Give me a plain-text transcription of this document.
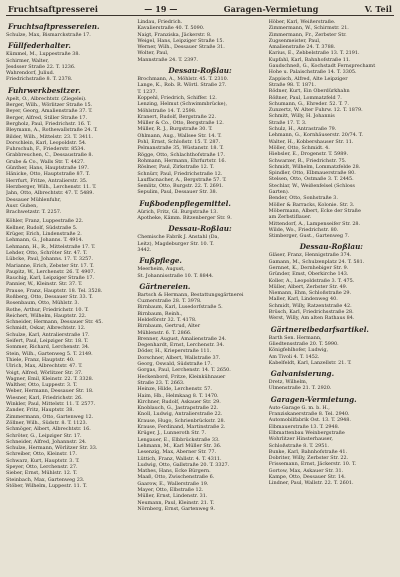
Fruchtsaftpresserei	— 19 —	Garagen-Vermietung	V. Teil
Fruchtsaftpressereien.
Schulze, Max, Bismarckstraße 17.
Füllfederhalter.
Kümmel, M., Luppestraße 38.
Schirmer, Walter,
Jesdsser Straße 22. T. 1236.
Wahrendorf, Juliud.
Friedrichstraße 8. T. 2378.
Fuhrwerkbesitzer.
Apelt, O., Albrechtstr. (Ziegelei).
Berger, Wilh., Wörlitzer Straße 15.
Beyer, Georg, Amalienstraße 37. T.
Berger, Alfred, Stiller Straße 17.
Bergholz, Paul, Friedrichstr. 16. T.
Bleymann, A., Rothewallstraße 24. T.
Bilder, Wilh., Mittelstr. 23. T. 3411.
Dorschlein, Karl, Leopoldstr. 54.
Fuhrschuh, F., Friederstr. 8534.
Grabbreuchen, C., Dessaustraße 8.
Grube & Co., Walls Str. T. 4427.
Günther, Hans, Hauptstraße 197.
Hänicke, Otto, Hauptstraße 87. T.
Herrfurt, Fritze, Antralierstr. 35.
Herzberger, Wilh., Lerchenstr. 11. T.
Jahn, Otto, Albrechtstr. 47. T. 5489.
Dessauer Mühlenfuhr,
Ausr. Guben,
Brachwetzstr. T. 2257.
Köhler, Franz, Luppestraße 22.
Kellner, Rudolf, Südstraße 5.
Krüger, Erich, Lindenstraße 2.
Lehmann, G., Johanns. T. 4914.
Lehmann, H., R., Mittelstraße 17. T.
Lehder, Otto, Schröter Str. 47. T.
Lübcke, Paul, Johanns. 17. T. 3257.
Marianne, Erich, Zebster Str. 17. T.
Paupitz, W., Lerchenstr. 26. T. 4907.
Rauchig, Karl, Leipziger Straße 17.
Pannier, W., Kleinstr. Str. 37. T.
Prause, Franz, Hauptstr. 18. Tel. 3528.
Roßberg, Otto, Dessauer Str. 33. T.
Rosenbaum, Otto, Mühlstr. 3.
Rothe, Arthur, Friedrichstr. 10. T.
Reichert, Wilhelm, Hauptstr. 22.
Schneider, Hermann, Dessauer Str. 45.
Schmidt, Oskar, Albrechtstr. 12.
Schulze, Karl, Antralierstraße 17.
Seifert, Paul, Leipziger Str. 18. T.
Sommer, Richard, Lerchenstr. 34.
Stein, Wilh., Gartenweg 5. T. 2149.
Thiele, Franz, Hauptstr. 40.
Ulrich, Max, Albrechtstr. 47. T.
Voigt, Alfred, Wörlitzer Str. 37.
Wagner, Emil, Kleinstr. 22. T. 3328.
Walther, Otto, Luppestr. 3. T.
Weber, Hermann, Dessauer Str. 18.
Wiesner, Karl, Friedrichstr. 26.
Winkler, Paul, Mittelstr. 11. T. 2577.
Zander, Fritz, Hauptstr. 38.
Zimmermann, Otto, Gartenweg 12.
Zöllner, Wilh., Südstr. 8. T. 1123.
Schmöger, Albert, Albrechtstr. 16.
Schröter, G., Leipziger Str. 17.
Schneider, Alfred, Johannstr. 24.
Schulze, Hermann, Wörlitzer Str. 33.
Schreiber, Otto, Kleinstr. 17.
Schwarz, Kurt, Hauptstr. 3. T.
Speyer, Otto, Lerchenstr. 27.
Sieber, Ernst, Mühlstr. 12. T.
Steinbach, Max, Gartenweg 23.
Stöber, Wilhelm, Luppestr. 11. T.
Lindau, Friedrich.
Kavalierstraße 40. T. 5090.
Naigt, Franziska, Jäckerstr. 8.
Weigel, Hans, Leipziger Straße 15.
Werner, Wilh., Dessauer Straße 31.
Wolter, Paul,
Mannstraße 24. T. 2397.
Dessau-Roßlau:
Brochmann, A., Möhlstr. 45. T. 2310.
Lange, K., Rob. R. Wörtl. Straße 27.
T. 1237.
Koppehl, Friedrich, Schiffer. 12.
Lenzing, Helmut (Schwimmbrücke),
Möhlstraße 14. T. 2598.
Kranert, Rudolf, Bergstraße 22.
Müller & Co., Otto, Bergstraße 12.
Müller, R. J., Burgstraße 30. T.
Öhlmann, Aug., Wallsee Str. 14. T.
Pohl, Ernst, Schloßstr. 15. T. 287.
Pelmanstraße 35, Wüstanstr. 18. T.
Rögge, Otto, Schlachthofstraße 17.
Rohmann, Hermann, Ehrfurtstr. 16.
Röslner, Paul, Zirkstraße 12. T.
Schnürr, Paul, Friedrichstraße 12.
Lauffacnacher, A., Bergstraße 57. T.
Semlitz, Otto, Burgstr. 22. T. 2691.
Sepulim, Paul, Dessauer Str. 38.
Fußbodenpflegemittel.
Aürich, Fritz, Gl. Burgstraße 13.
Apotheke, Kämm. Bitzenberger Str. 9.
Dessau-Roßlau:
Chemische Fabrik J. Anstahl (Da,
Leitz), Magdeburger Str. 10. T.
3442.
Fußpflege.
Meerheim, August,
St. Johannisstraße 10. T. 8844.
Gärtnereien.
Bartsch & Hermann, Bestattungsgärtnerei
Cuznerstraße 28. T. 3978.
Birnbaum, Karl, Lusedorfstraße 5.
Birnbaum, Reinh.,
Heldeförstr 32. T. 4178.
Birnbaum, Gertrud, Alter
Mühlenstr. 6. T. 2866.
Brenner, August, Amalienstraße 24.
Degenhardt, Ernst, Lerchenstr. 34.
Döder, H., Krieperstraße 111.
Dorschner, Albert, Wallstraße 37.
Georg, Oswald, Südstraße 17.
Gorgas, Paul, Lerchenstr. 14. T. 2650.
Heckenbord, Fritze, Kleinkühnauer
Straße 23. T. 2663.
Heinze, Hilde, Lerchenstr. 57.
Haim, Hb., Helmkaag 8. T. 1470.
Kirchner, Rudolf, Askauer Str. 29.
Knoblauch, G., Jastrapstraße 22.
Knoll, Ludwig, Antralierstraße 22.
Krause, Hugo, Schrienbrückstr. 28.
Krause, Ferdinand, Martinstraße 2.
Krüger, J., Lunneroth Str. 7.
Lengauer, E., Elbbrückstraße 33.
Lehmann, M., Karl Müller Str. 36.
Lesenzig, Max, Aberner Str. 77.
Lüttich, Franz, Wallstr. 4. T. 4311.
Ludwig, Otto, Gallstraße 20. T. 3327.
Mathes, Hans, Ecke Bürgern.
Maaß, Otto, Zwischenstraße 6.
Gaarow, E., Wallerstraße 19.
Mayer, Otto, Elbstraße 12.
Müller, Ernst, Lindenstr. 31.
Neumann, Paul, Kleinstr. 21. T.
Nörnberg, Ernst, Gartenweg 9.
Höber, Karl, Weißerstraße.
Zimmermann, W., Schirmstr. 21.
Zimmermann, Fr., Zerbster Str.
Zugsenmeister, Paul,
Amalienstraße 24. T. 3788.
Karius, E., Zebbelstraße 13. T. 2191.
Kupfahl, Karl, Bahnhofstraße 11.
Gaudschneß, G., Kochstadt Fernsprechamt
Hohe u. Palaischstraße 14. T. 3305.
Zappisch, Alfred, Alte Leipziger
Straße 98. T. 1871.
Rödner, Kurt, Ein Oberdürkhahn
Rößner, Paul, Lommatzfeld 7.
Schumann, G., Ehreder. 52. T. 7.
Zunzertz, W. Alter Fuhrw. 12. T. 1879.
Schmitt, Willy, H. Johannis
Straße 17. T. 3.
Schulz, H., Antrastraße 79.
Lehmann, G., Kornhäuserstr. 20/74. T.
Walter, H., Kobbershauser Str. 11.
Möller, Otto, Schmidt. 4.
Hiebsler, E., Drogenstr. T. 5989.
Schwarzer, R., Friedrichstr. 75.
Schmidt, Wilhelm, Lommatzfelde 28.
Spindler, Otto, Elbmauerstraße 80.
Stelsen, Otto, Ostmaße 3. T. 2445.
Stechlar, W., Weißenfelsel (Schloss
Garten).
Bender, Otto, Sonhstraße 3.
Möller & Barracks, Kolonie. Str. 3.
Möbermann, Albert, Ecke der Straße
am Zerbstiflauer.
Mittendorf, A., Lampenseifer Str. 28.
Wilde, Wo., Friedrichstr. 80.
Stimberger, Gust., Gartenweg 7.
Dessau-Roßlau:
Gläser, Franz, Hennigstraße 374.
Gamann, M., Schulzenplatz 24. T. 581.
Gernnet, K., Dernhebiger Str. 9.
Gründer, Emst, Oberkirche 143.
Koller, A., Leopoldstraße 3. T. 475.
Müller, Albert, Zerbster Str. 49.
Niemann, Ehm, Schloßstraße 29.
Maller, Karl, Lindenweg 40.
Schmidt, Willy, Ratzentstraße 42.
Brüsch, Karl, Friedrichsstraße 28.
Werst, Willy, Am alten Rathaus 84.
Gärtnereibedarfsartikel.
Barth Sen. Hermann,
Gliedtensstraße 20. T. 5990.
Königfehlhofer, Ludwig,
Am Tivoli 4. T. 1452.
Kabelfeldt, Karl, Lanzellstr. 21. T.
Galvanisierung.
Dretz, Wilhelm,
Ulmenstraße 21. T. 2920.
Garagen-Vermietung.
Auto-Garage G. m. b. H.,
Franziskanerstraße 8. Tel. 2940.
Automobilfabrik Ost. 13. T. 2948.
Elbmauerstraße 13. T. 2948.
Elbmattenbau Weinbergstraße
Wohrlitzer Hinsterhauser,
Schloßstraße 8. T. 2951.
Bunke, Karl, Bahnhofstraße 41.
Dobriter, Willy, Zerbster Str. 22.
Frissemann, Ernst, Jäckerstr. 10. T.
Gortow, Max, Askauer Str. 31.
Kampe, Otto, Dessauer Str. 14.
Lindner, Paul, Wallstr. 22. T. 2601.
